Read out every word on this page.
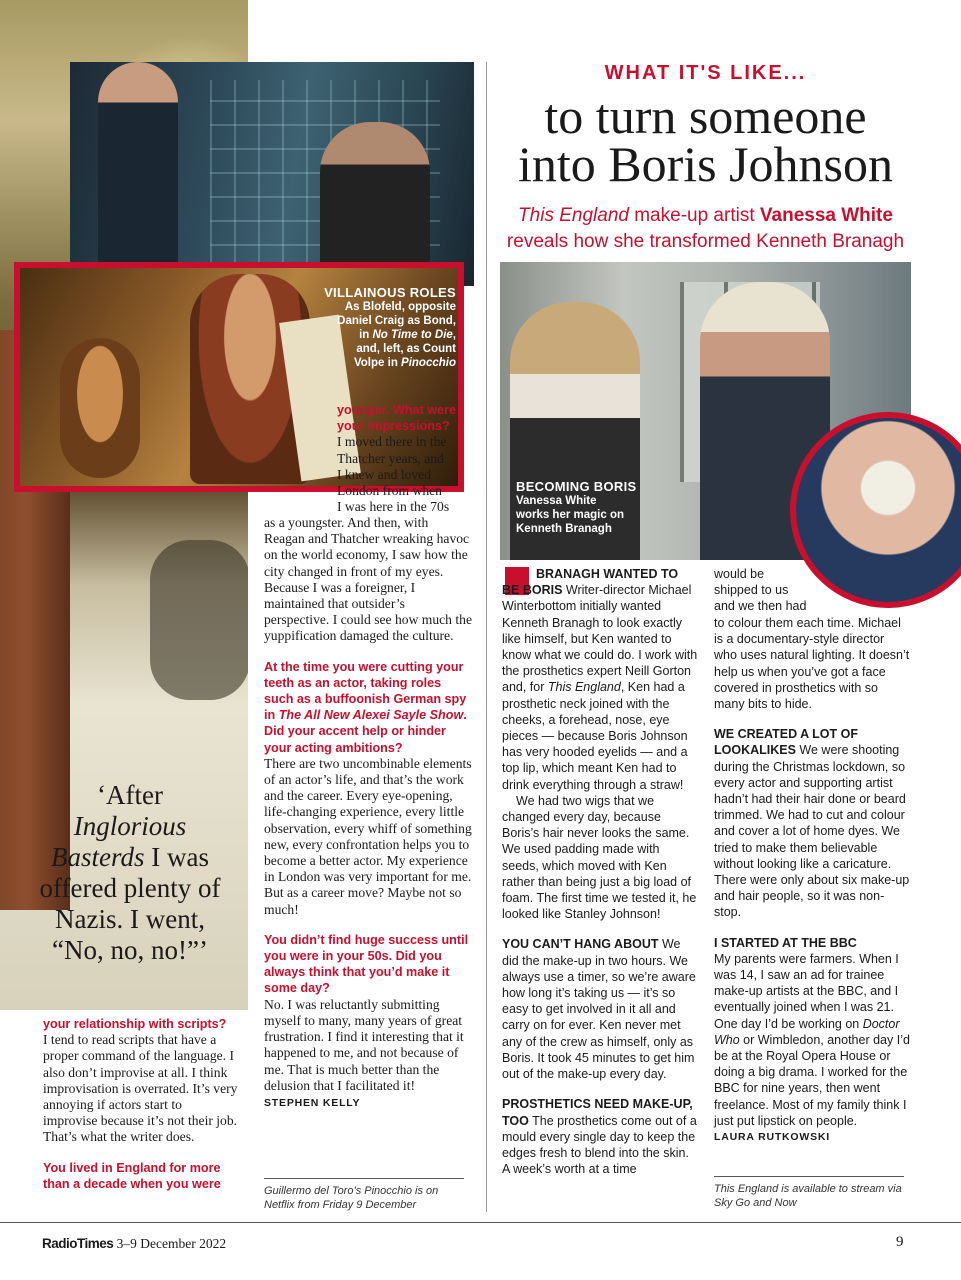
‘After
Inglorious
Basterds I was
offered plenty of
Nazis. I went,
“No, no, no!”’
VILLAINOUS ROLES
As Blofeld, opposite
Daniel Craig as Bond,
in No Time to Die,
and, left, as Count
Volpe in Pinocchio
WHAT IT'S LIKE...
to turn someone
into Boris Johnson
This England make-up artist Vanessa White
reveals how she transformed Kenneth Branagh
BECOMING BORIS
Vanessa White
works her magic on
Kenneth Branagh

your relationship with scripts?

I tend to read scripts that have a proper command of the language. I also don’t improvise at all. I think improvisation is overrated. It’s very annoying if actors start to improvise because it’s not their job. That’s what the writer does.

You lived in England for more

than a decade when you were

younger. What were

your impressions?

I moved there in the

Thatcher years, and

I knew and loved

London from when

I was here in the 70s

as a youngster. And then, with Reagan and Thatcher wreaking havoc on the world economy, I saw how the city changed in front of my eyes. Because I was a foreigner, I maintained that outsider’s perspective. I could see how much the yuppification damaged the culture.

At the time you were cutting your teeth as an actor, taking roles such as a buffoonish German spy in The All New Alexei Sayle Show. Did your accent help or hinder your acting ambitions?

There are two uncombinable elements of an actor’s life, and that’s the work and the career. Every eye-opening, life-changing experience, every little observation, every whiff of something new, every confrontation helps you to become a better actor. My experience in London was very important for me. But as a career move? Maybe not so much!

You didn’t find huge success until you were in your 50s. Did you always think that you’d make it some day?

No. I was reluctantly submitting myself to many, many years of great frustration. I find it interesting that it happened to me, and not because of me. That is much better than the delusion that I facilitated it! STEPHEN KELLY

Guillermo del Toro’s Pinocchio is on Netflix from Friday 9 December

BRANAGH WANTED TO BE BORIS Writer-director Michael Winterbottom initially wanted Kenneth Branagh to look exactly like himself, but Ken wanted to know what we could do. I work with the prosthetics expert Neill Gorton and, for This England, Ken had a prosthetic neck joined with the cheeks, a forehead, nose, eye pieces — because Boris Johnson has very hooded eyelids — and a top lip, which meant Ken had to drink everything through a straw!

We had two wigs that we changed every day, because Boris’s hair never looks the same. We used padding made with seeds, which moved with Ken rather than being just a big load of foam. The first time we tested it, he looked like Stanley Johnson!

YOU CAN’T HANG ABOUT We did the make-up in two hours. We always use a timer, so we’re aware how long it’s taking us — it’s so easy to get involved in it all and carry on for ever. Ken never met any of the crew as himself, only as Boris. It took 45 minutes to get him out of the make-up every day.

PROSTHETICS NEED MAKE-UP, TOO The prosthetics come out of a mould every single day to keep the edges fresh to blend into the skin. A week’s worth at a time

would be

shipped to us

and we then had

to colour them each time. Michael is a documentary-style director who uses natural lighting. It doesn’t help us when you’ve got a face covered in prosthetics with so many bits to hide.

WE CREATED A LOT OF LOOKALIKES We were shooting during the Christmas lockdown, so every actor and supporting artist hadn’t had their hair done or beard trimmed. We had to cut and colour and cover a lot of home dyes. We tried to make them believable without looking like a caricature. There were only about six make-up and hair people, so it was non-stop.

I STARTED AT THE BBC

My parents were farmers. When I was 14, I saw an ad for trainee make-up artists at the BBC, and I eventually joined when I was 21. One day I’d be working on Doctor Who or Wimbledon, another day I’d be at the Royal Opera House or doing a big drama. I worked for the BBC for nine years, then went freelance. Most of my family think I just put lipstick on people.

LAURA RUTKOWSKI

This England is available to stream via Sky Go and Now
RadioTimes 3–9 December 2022	9
